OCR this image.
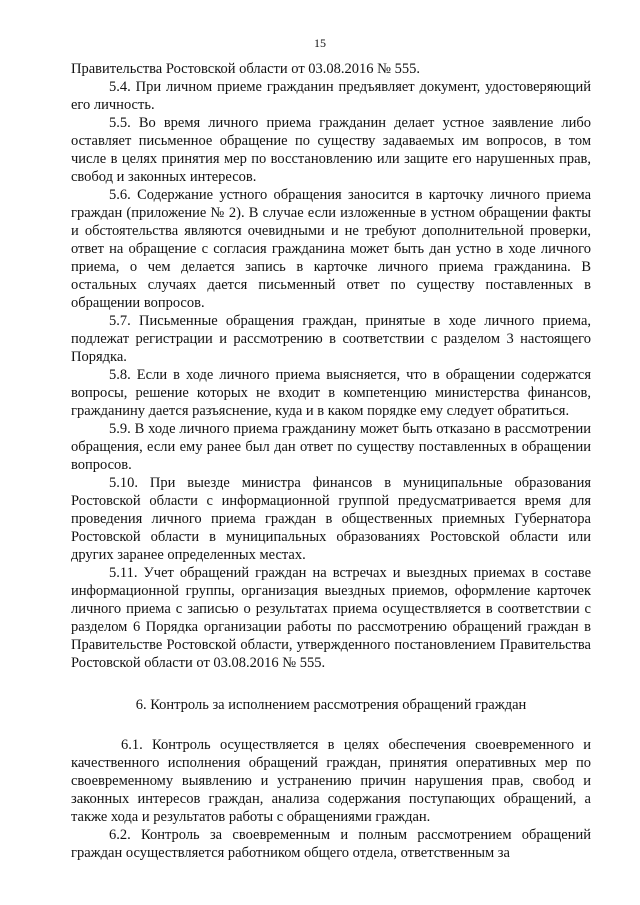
15

Правительства Ростовской области от 03.08.2016 № 555.

5.4. При личном приеме гражданин предъявляет документ, удостоверяющий его личность.

5.5. Во время личного приема гражданин делает устное заявление либо оставляет письменное обращение по существу задаваемых им вопросов, в том числе в целях принятия мер по восстановлению или защите его нарушенных прав, свобод и законных интересов.

5.6. Содержание устного обращения заносится в карточку личного приема граждан (приложение № 2). В случае если изложенные в устном обращении факты и обстоятельства являются очевидными и не требуют дополнительной проверки, ответ на обращение с согласия гражданина может быть дан устно в ходе личного приема, о чем делается запись в карточке личного приема гражданина. В остальных случаях дается письменный ответ по существу поставленных в обращении вопросов.

5.7. Письменные обращения граждан, принятые в ходе личного приема, подлежат регистрации и рассмотрению в соответствии с разделом 3 настоящего Порядка.

5.8. Если в ходе личного приема выясняется, что в обращении содержатся вопросы, решение которых не входит в компетенцию министерства финансов, гражданину дается разъяснение, куда и в каком порядке ему следует обратиться.

5.9. В ходе личного приема гражданину может быть отказано в рассмотрении обращения, если ему ранее был дан ответ по существу поставленных в обращении вопросов.

5.10. При выезде министра финансов в муниципальные образования Ростовской области с информационной группой предусматривается время для проведения личного приема граждан в общественных приемных Губернатора Ростовской области в муниципальных образованиях Ростовской области или других заранее определенных местах.

5.11. Учет обращений граждан на встречах и выездных приемах в составе информационной группы, организация выездных приемов, оформление карточек личного приема с записью о результатах приема осуществляется в соответствии с разделом 6 Порядка организации работы по рассмотрению обращений граждан в Правительстве Ростовской области, утвержденного постановлением Правительства Ростовской области от 03.08.2016 № 555.

6. Контроль за исполнением рассмотрения обращений граждан

6.1. Контроль осуществляется в целях обеспечения своевременного и качественного исполнения обращений граждан, принятия оперативных мер по своевременному выявлению и устранению причин нарушения прав, свобод и законных интересов граждан, анализа содержания поступающих обращений, а также хода и результатов работы с обращениями граждан.

6.2. Контроль за своевременным и полным рассмотрением обращений граждан осуществляется работником общего отдела, ответственным за
